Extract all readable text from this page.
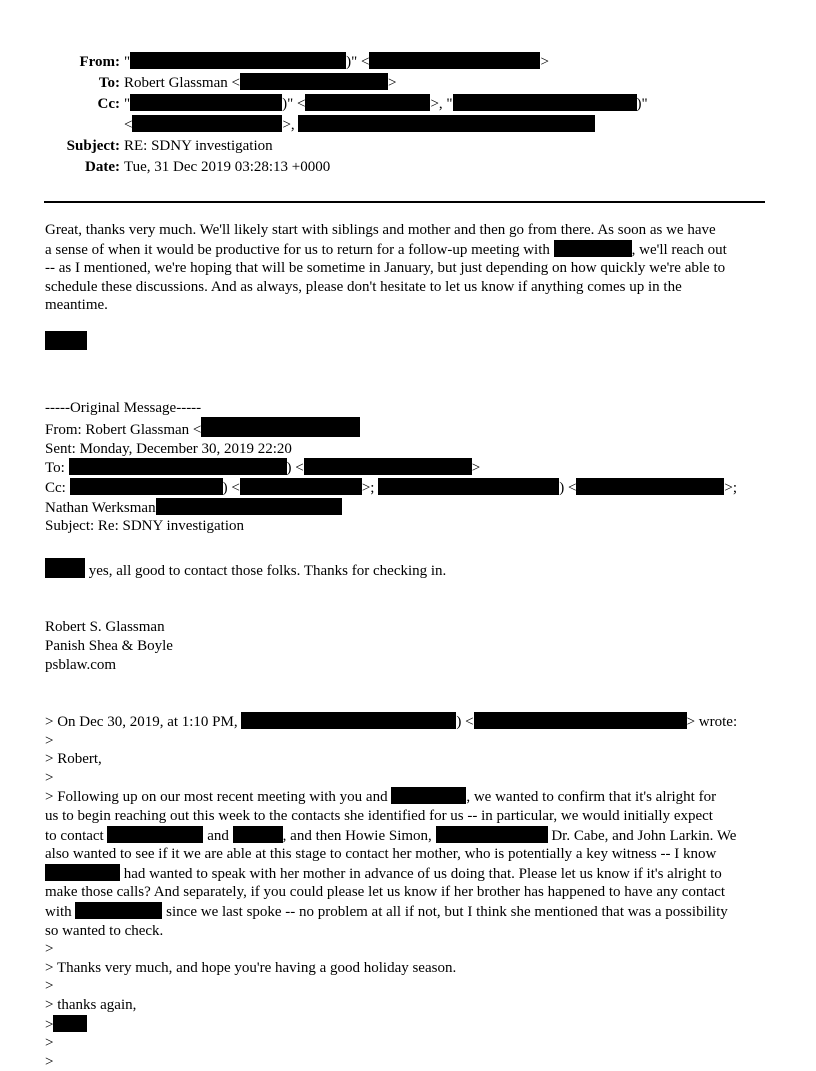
From: "	)" <	>
To: Robert Glassman <	>
Cc: "	)" <	>, "	)"
<	>,
Subject: RE: SDNY investigation
Date: Tue, 31 Dec 2019 03:28:13 +0000

Great, thanks very much. We'll likely start with siblings and mother and then go from there. As soon as we have

a sense of when it would be productive for us to return for a follow-up meeting with	, we'll reach out

-- as I mentioned, we're hoping that will be sometime in January, but just depending on how quickly we're able to

schedule these discussions. And as always, please don't hesitate to let us know if anything comes up in the

meantime.

-----Original Message-----

From: Robert Glassman <

Sent: Monday, December 30, 2019 22:20

To:	) <	>

Cc:	) <	>;	) <	>;

Nathan Werksman

Subject: Re: SDNY investigation

yes, all good to contact those folks. Thanks for checking in.

Robert S. Glassman

Panish Shea & Boyle

psblaw.com

> On Dec 30, 2019, at 1:10 PM,	) <	> wrote:

>

> Robert,

>

> Following up on our most recent meeting with you and	, we wanted to confirm that it's alright for

us to begin reaching out this week to the contacts she identified for us -- in particular, we would initially expect

to contact	and	, and then Howie Simon,	Dr. Cabe, and John Larkin. We

also wanted to see if it we are able at this stage to contact her mother, who is potentially a key witness -- I know

had wanted to speak with her mother in advance of us doing that. Please let us know if it's alright to

make those calls? And separately, if you could please let us know if her brother has happened to have any contact

with	since we last spoke -- no problem at all if not, but I think she mentioned that was a possibility

so wanted to check.

>

> Thanks very much, and hope you're having a good holiday season.

>

> thanks again,

>

>

>
